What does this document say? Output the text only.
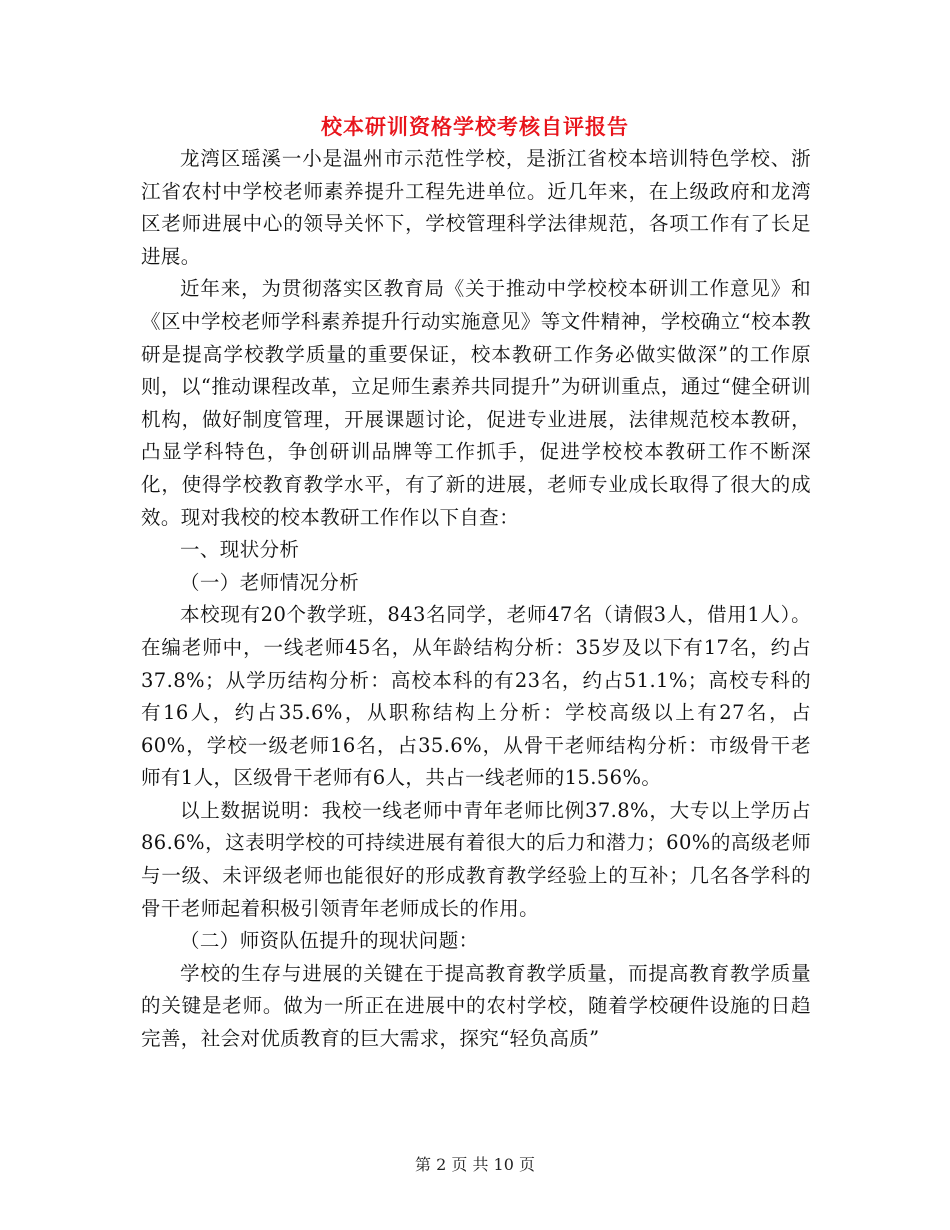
校本研训资格学校考核自评报告

龙湾区瑶溪一小是温州市示范性学校，是浙江省校本培训特色学校、浙江省农村中学校老师素养提升工程先进单位。近几年来，在上级政府和龙湾区老师进展中心的领导关怀下，学校管理科学法律规范，各项工作有了长足进展。

近年来，为贯彻落实区教育局《关于推动中学校校本研训工作意见》和《区中学校老师学科素养提升行动实施意见》等文件精神，学校确立“校本教研是提高学校教学质量的重要保证，校本教研工作务必做实做深”的工作原则，以“推动课程改革，立足师生素养共同提升”为研训重点，通过“健全研训机构，做好制度管理，开展课题讨论，促进专业进展，法律规范校本教研，凸显学科特色，争创研训品牌等工作抓手，促进学校校本教研工作不断深化，使得学校教育教学水平，有了新的进展，老师专业成长取得了很大的成效。现对我校的校本教研工作作以下自查：

一、现状分析

（一）老师情况分析

本校现有20个教学班，843名同学，老师47名（请假3人，借用1人）。在编老师中，一线老师45名，从年龄结构分析：35岁及以下有17名，约占37.8%；从学历结构分析：高校本科的有23名，约占51.1%；高校专科的有16人，约占35.6%，从职称结构上分析：学校高级以上有27名，占60%，学校一级老师16名，占35.6%，从骨干老师结构分析：市级骨干老师有1人，区级骨干老师有6人，共占一线老师的15.56%。

以上数据说明：我校一线老师中青年老师比例37.8%，大专以上学历占86.6%，这表明学校的可持续进展有着很大的后力和潜力；60%的高级老师与一级、未评级老师也能很好的形成教育教学经验上的互补；几名各学科的骨干老师起着积极引领青年老师成长的作用。

（二）师资队伍提升的现状问题：

学校的生存与进展的关键在于提高教育教学质量，而提高教育教学质量的关键是老师。做为一所正在进展中的农村学校，随着学校硬件设施的日趋完善，社会对优质教育的巨大需求，探究“轻负高质”

第 2 页 共 10 页
